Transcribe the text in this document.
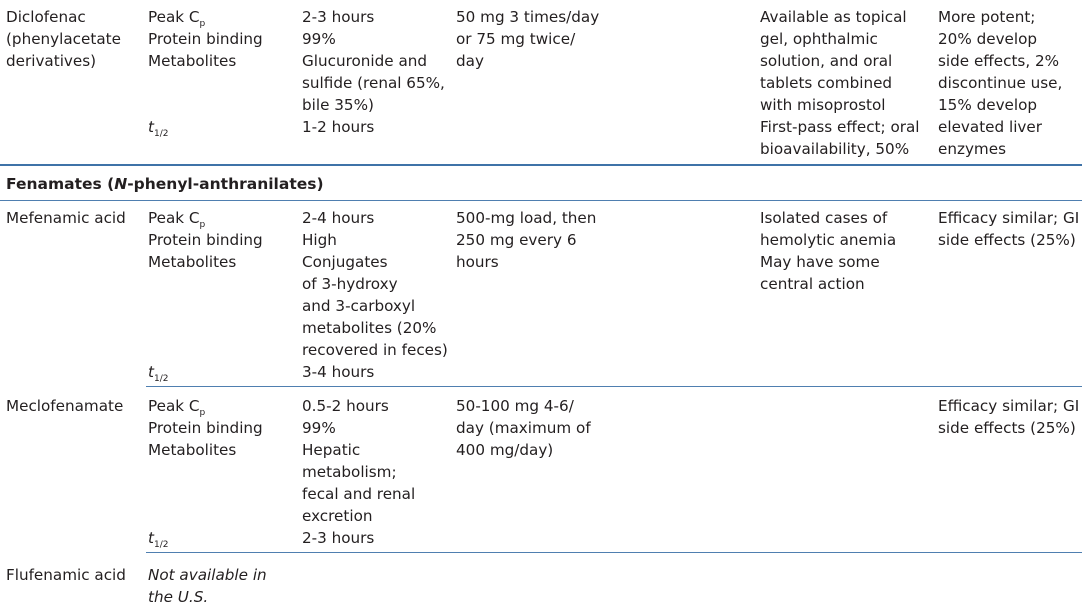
Diclofenac
(phenylacetate
derivatives)
Peak $C_p$
Protein binding
Metabolites
$t_{1/2}$
2-3 hours
99%
Glucuronide and
sulfide (renal 65%,
bile 35%)
1-2 hours
50 mg 3 times/day
or 75 mg twice/
day
Available as topical
gel, ophthalmic
solution, and oral
tablets combined
with misoprostol
First-pass effect; oral
bioavailability, 50%
More potent;
20% develop
side effects, 2%
discontinue use,
15% develop
elevated liver
enzymes
Fenamates (N-phenyl-anthranilates)
Mefenamic acid Peak $C_p$
Protein binding
Metabolites
$t_{1/2}$
2-4 hours
High
Conjugates
of 3-hydroxy
and 3-carboxyl
metabolites (20%
recovered in feces)
3-4 hours
500-mg load, then
250 mg every 6
hours
Isolated cases of
hemolytic anemia
May have some
central action
Efficacy similar; GI
side effects (25%)
Meclofenamate Peak $C_p$
Protein binding
Metabolites
$t_{1/2}$
0.5-2 hours
99%
Hepatic
metabolism;
fecal and renal
excretion
2-3 hours
50-100 mg 4-6/
day (maximum of
400 mg/day)
Efficacy similar; GI
side effects (25%)
Flufenamic acid Not available in
the U.S.
